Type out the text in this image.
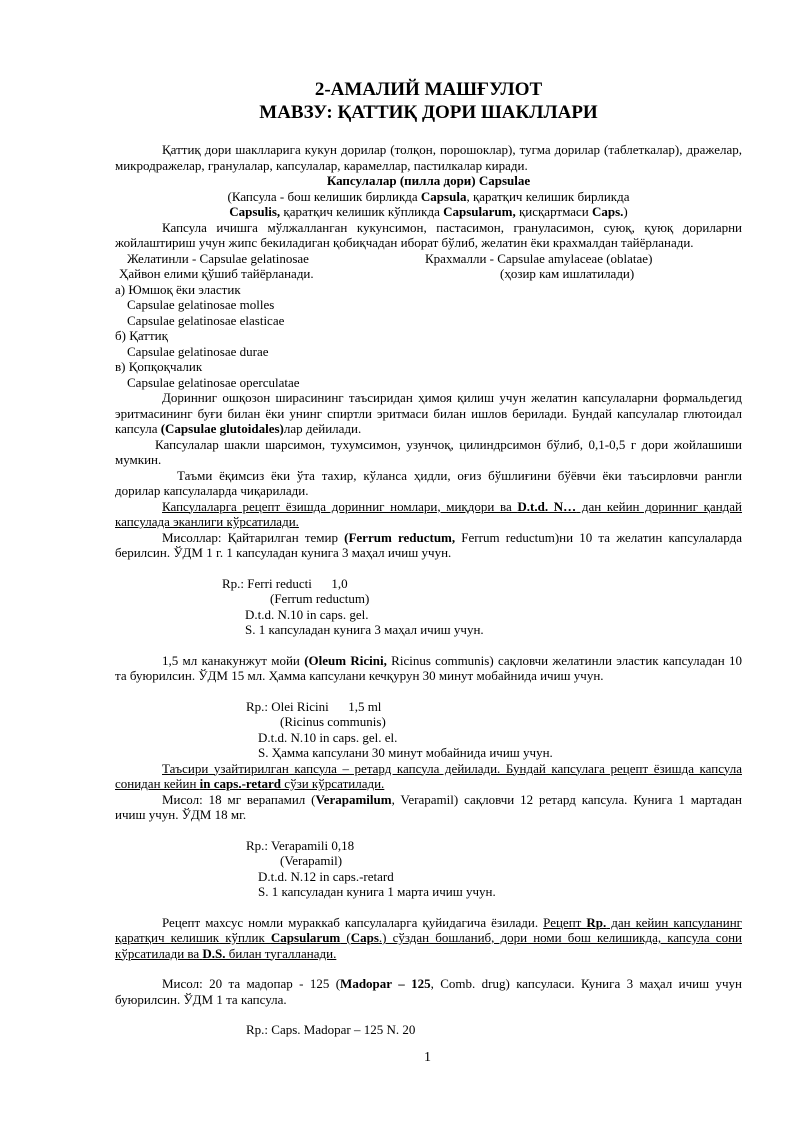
2-АМАЛИЙ МАШҒУЛОТ

МАВЗУ: ҚАТТИҚ ДОРИ ШАКЛЛАРИ

Қаттиқ дори шаклларига кукун дорилар (толқон, порошоклар), тугма дорилар (таблеткалар), дражелар, микродражелар, гранулалар, капсулалар, карамеллар, пастилкалар киради.

Капсулалар (пилла дори) Capsulae

(Капсула - бош келишик бирликда Capsula, қаратқич келишик бирликда

Capsulis, қаратқич келишик кўпликда Capsularum, қисқартмаси Caps.)

Капсула ичишга мўлжалланган кукунсимон, пастасимон, грануласимон, суюқ, қуюқ дориларни жойлаштириш учун жипс бекиладиган қобиқчадан иборат бўлиб, желатин ёки крахмалдан тайёрланади.

Желатинли - Capsulae gelatinosae	Крахмалли - Capsulae amylaceae (oblatae)
Ҳайвон елими қўшиб тайёрланади.	(ҳозир кам ишлатилади)

а) Юмшоқ ёки эластик

Capsulae gelatinosae molles

Capsulae gelatinosae elasticae

б) Қаттиқ

Capsulae gelatinosae durae

в) Қопқоқчалик

Capsulae gelatinosae operculatae

Доринниг ошқозон ширасининг таъсиридан ҳимоя қилиш учун желатин капсулаларни формальдегид эритмасининг буғи билан ёки унинг спиртли эритмаси билан ишлов берилади. Бундай капсулалар глютоидал капсула (Capsulae glutoidales)лар дейилади.

Капсулалар шакли шарсимон, тухумсимон, узунчоқ, цилиндрсимон бўлиб, 0,1-0,5 г дори жойлашиши мумкин.

Таъми ёқимсиз ёки ўта тахир, кўланса ҳидли, оғиз бўшлиғини бўёвчи ёки таъсирловчи рангли дорилар капсулаларда чиқарилади.

Капсулаларга рецепт ёзишда доринниг номлари, миқдори ва D.t.d. N… дан кейин доринниг қандай капсулада эканлиги кўрсатилади.

Мисоллар: Қайтарилган темир (Ferrum reductum, Ferrum reductum)ни 10 та желатин капсулаларда берилсин. ЎДМ 1 г. 1 капсуладан кунига 3 маҳал ичиш учун.

Rp.: Ferri reducti      1,0

(Ferrum reductum)

D.t.d. N.10 in caps. gel.

S. 1 капсуладан кунига 3 маҳал ичиш учун.

1,5 мл канакунжут мойи (Oleum Ricini, Ricinus communis) сақловчи желатинли эластик капсуладан 10 та буюрилсин. ЎДМ 15 мл. Ҳамма капсулани кечқурун 30 минут мобайнида ичиш учун.

Rp.: Olei Ricini      1,5 ml

(Ricinus communis)

D.t.d. N.10 in caps. gel. el.

S. Ҳамма капсулани 30 минут мобайнида ичиш учун.

Таъсири узайтирилган капсула – ретард капсула дейилади. Бундай капсулага рецепт ёзишда капсула сонидан кейин in caps.-retard сўзи кўрсатилади.

Мисол: 18 мг верапамил (Verapamilum, Verapamil) сақловчи 12 ретард капсула. Кунига 1 мартадан ичиш учун. ЎДМ 18 мг.

Rp.: Verapamili 0,18

(Verapamil)

D.t.d. N.12 in caps.-retard

S. 1 капсуладан кунига 1 марта ичиш учун.

Рецепт махсус номли мураккаб капсулаларга қуйидагича ёзилади. Рецепт Rp. дан кейин капсуланинг қаратқич келишик кўплик Capsularum (Caps.) сўздан бошланиб, дори номи бош келишикда, капсула сони кўрсатилади ва D.S. билан тугалланади.

Мисол: 20 та мадопар - 125 (Madopar – 125, Comb. drug) капсуласи. Кунига 3 маҳал ичиш учун буюрилсин. ЎДМ 1 та капсула.

Rp.: Caps. Madopar – 125 N. 20

1
